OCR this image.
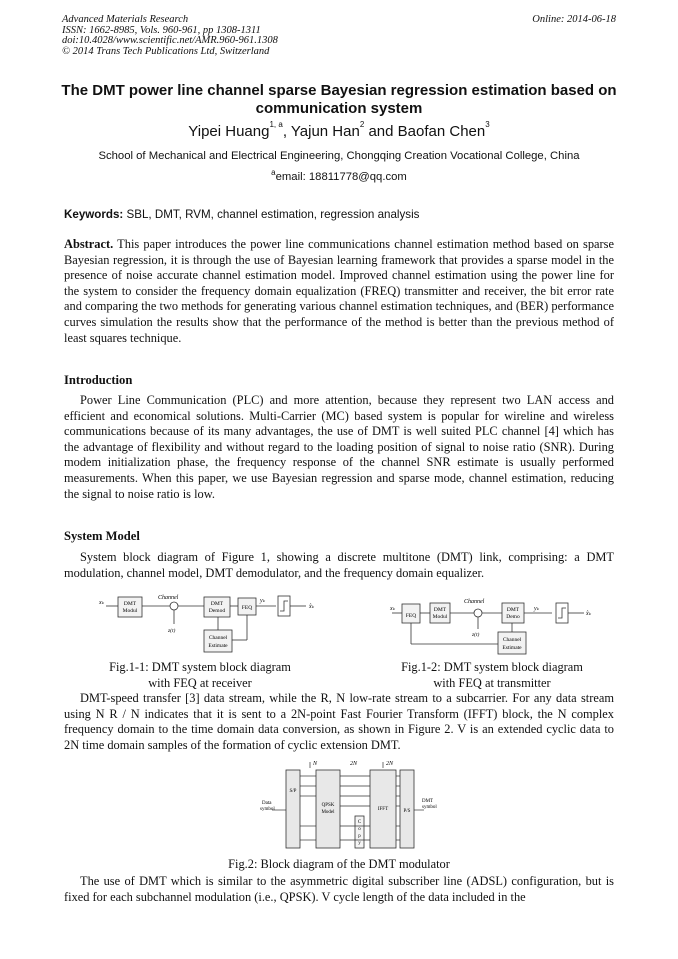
Advanced Materials Research
ISSN: 1662-8985, Vols. 960-961, pp 1308-1311
doi:10.4028/www.scientific.net/AMR.960-961.1308
© 2014 Trans Tech Publications Ltd, Switzerland
Online: 2014-06-18
The DMT power line channel sparse Bayesian regression estimation based on communication system
Yipei Huang$^{1, a}$, Yajun Han$^2$ and Baofan Chen$^3$
School of Mechanical and Electrical Engineering, Chongqing Creation Vocational College, China
$^a$email: 18811778@qq.com
Keywords: SBL, DMT, RVM, channel estimation, regression analysis
Abstract. This paper introduces the power line communications channel estimation method based on sparse Bayesian regression, it is through the use of Bayesian learning framework that provides a sparse model in the presence of noise accurate channel estimation model. Improved channel estimation using the power line for the system to consider the frequency domain equalization (FREQ) transmitter and receiver, the bit error rate and comparing the two methods for generating various channel estimation techniques, and (BER) performance curves simulation the results show that the performance of the method is better than the previous method of least squares technique.
Introduction
Power Line Communication (PLC) and more attention, because they represent two LAN access and efficient and economical solutions. Multi-Carrier (MC) based system is popular for wireline and wireless communications because of its many advantages, the use of DMT is well suited PLC channel [4] which has the advantage of flexibility and without regard to the loading position of signal to noise ratio (SNR). During modem initialization phase, the frequency response of the channel SNR estimate is usually performed measurements. When this paper, we use Bayesian regression and sparse mode, channel estimation, reducing the signal to noise ratio is low.
System Model
System block diagram of Figure 1, showing a discrete multitone (DMT) link, comprising: a DMT modulation, channel model, DMT demodulator, and the frequency domain equalizer.
xₖ	DMT
Modul
Channel
DMT
Demod	FEQ
z(t)
yₖ
x̂ₖ
Channel
Estimate
Fig.1-1: DMT system block diagram
with FEQ at receiver
xₖ
FEQ
DMT
Modul
Channel
DMT
Demo
z(t)
yₖ
x̂ₖ
Channel
Estimate
Fig.1-2: DMT system block diagram
with FEQ at transmitter
DMT-speed transfer [3] data stream, while the R, N low-rate stream to a subcarrier. For any data stream using N R / N indicates that it is sent to a 2N-point Fast Fourier Transform (IFFT) block, the N complex frequency domain to the time domain data conversion, as shown in Figure 2. V is an extended cyclic data to 2N time domain samples of the formation of cyclic extension DMT.
N	2N	2N
S/P
QPSK
Model
IFFT	P/S
Data
symbol
DMT
symbol
C
o
p
y
Fig.2: Block diagram of the DMT modulator
The use of DMT which is similar to the asymmetric digital subscriber line (ADSL) configuration, but is fixed for each subchannel modulation (i.e., QPSK). V cycle length of the data included in the
